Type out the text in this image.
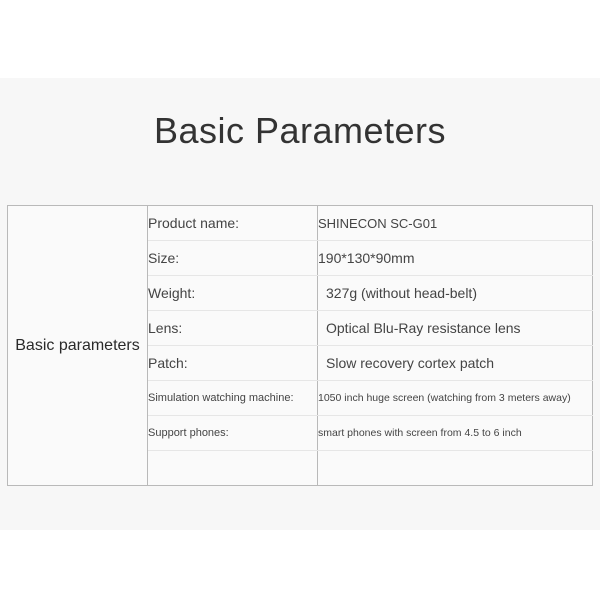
Basic Parameters
Basic parameters	Product name:	SHINECON SC-G01
	Size:	190*130*90mm
	Weight:	327g (without head-belt)
	Lens:	Optical Blu-Ray resistance lens
	Patch:	Slow recovery cortex patch
	Simulation watching machine:	1050 inch huge screen (watching from 3 meters away)
	Support phones:	smart phones with screen from 4.5 to 6 inch
